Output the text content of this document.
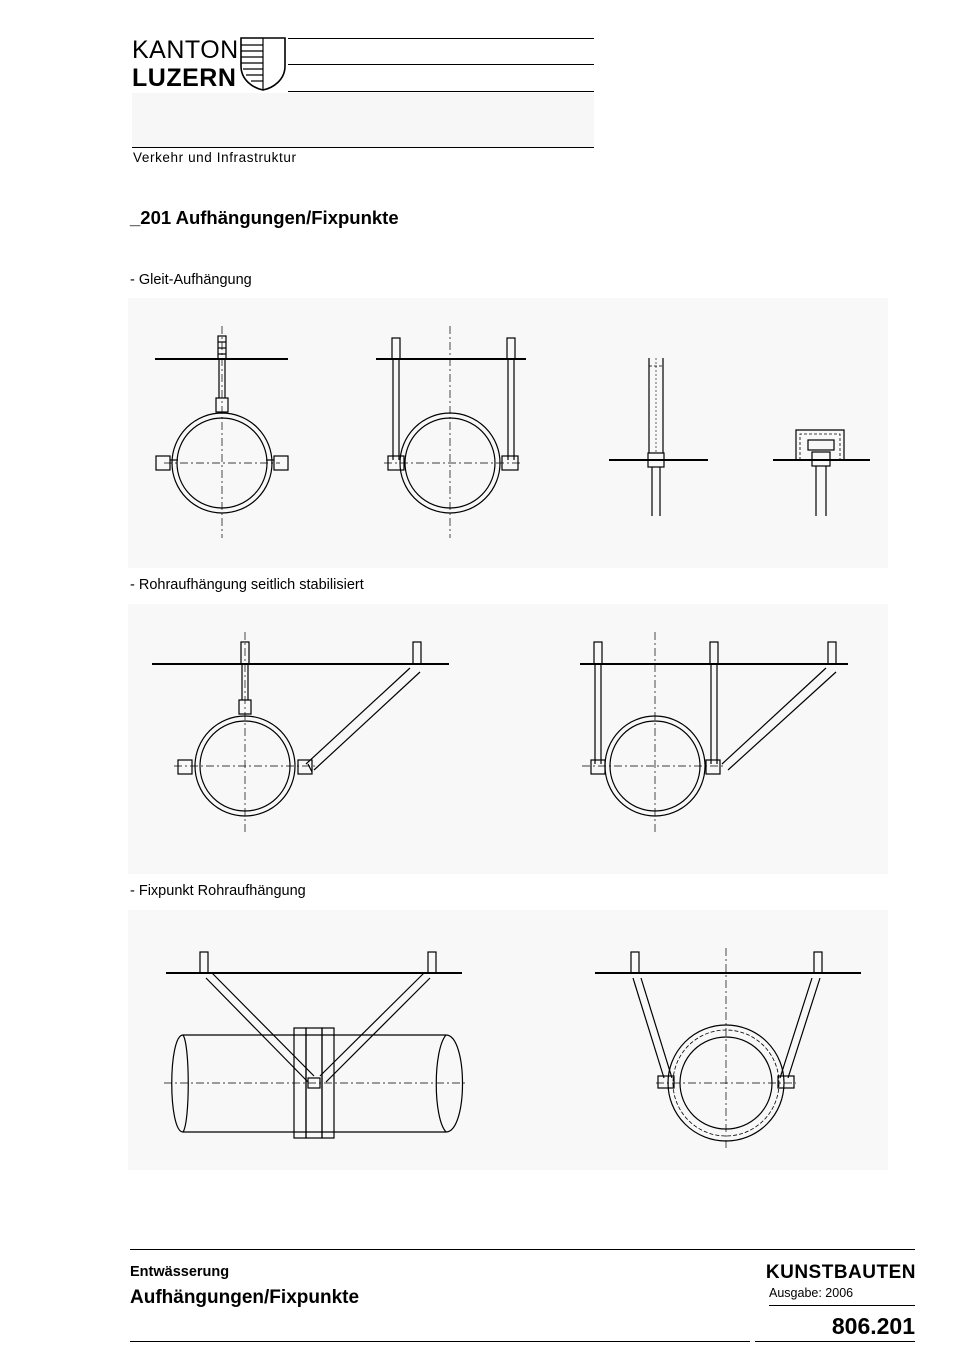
KANTON
LUZERN
Verkehr und Infrastruktur
_201 Aufhängungen/Fixpunkte
- Gleit-Aufhängung
- Rohraufhängung seitlich stabilisiert
- Fixpunkt Rohraufhängung
Entwässerung
Aufhängungen/Fixpunkte
KUNSTBAUTEN
Ausgabe: 2006
806.201
